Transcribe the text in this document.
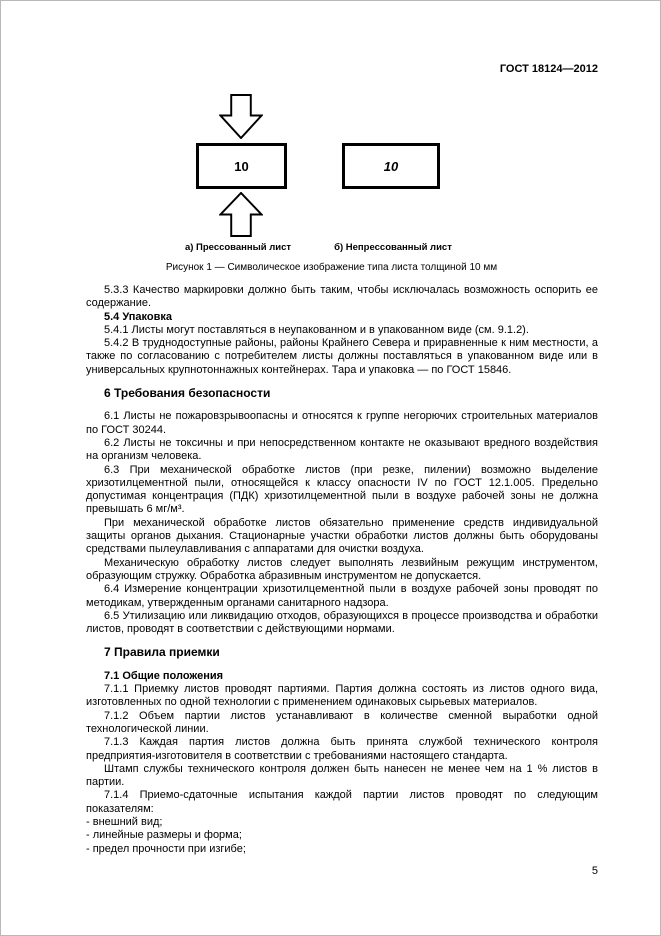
ГОСТ 18124—2012
10	10
а) Прессованный лист	б) Непрессованный лист
Рисунок 1 — Символическое изображение типа листа толщиной 10 мм

5.3.3 Качество маркировки должно быть таким, чтобы исключалась возможность оспорить ее содержание.

5.4 Упаковка

5.4.1 Листы могут поставляться в неупакованном и в упакованном виде (см. 9.1.2).

5.4.2 В труднодоступные районы, районы Крайнего Севера и приравненные к ним местности, а также по согласованию с потребителем листы должны поставляться в упакованном виде или в универсальных крупнотоннажных контейнерах. Тара и упаковка — по ГОСТ 15846.

6 Требования безопасности

6.1 Листы не пожаровзрывоопасны и относятся к группе негорючих строительных материалов по ГОСТ 30244.

6.2 Листы не токсичны и при непосредственном контакте не оказывают вредного воздействия на организм человека.

6.3 При механической обработке листов (при резке, пилении) возможно выделение хризотилцементной пыли, относящейся к классу опасности IV по ГОСТ 12.1.005. Предельно допустимая концентрация (ПДК) хризотилцементной пыли в воздухе рабочей зоны не должна превышать 6 мг/м³.

При механической обработке листов обязательно применение средств индивидуальной защиты органов дыхания. Стационарные участки обработки листов должны быть оборудованы средствами пылеулавливания с аппаратами для очистки воздуха.

Механическую обработку листов следует выполнять лезвийным режущим инструментом, образующим стружку. Обработка абразивным инструментом не допускается.

6.4 Измерение концентрации хризотилцементной пыли в воздухе рабочей зоны проводят по методикам, утвержденным органами санитарного надзора.

6.5 Утилизацию или ликвидацию отходов, образующихся в процессе производства и обработки листов, проводят в соответствии с действующими нормами.

7 Правила приемки

7.1 Общие положения

7.1.1 Приемку листов проводят партиями. Партия должна состоять из листов одного вида, изготовленных по одной технологии с применением одинаковых сырьевых материалов.

7.1.2 Объем партии листов устанавливают в количестве сменной выработки одной технологической линии.

7.1.3 Каждая партия листов должна быть принята службой технического контроля предприятия-изготовителя в соответствии с требованиями настоящего стандарта.

Штамп службы технического контроля должен быть нанесен не менее чем на 1 % листов в партии.

7.1.4 Приемо-сдаточные испытания каждой партии листов проводят по следующим показателям:

- внешний вид;

- линейные размеры и форма;

- предел прочности при изгибе;

5
